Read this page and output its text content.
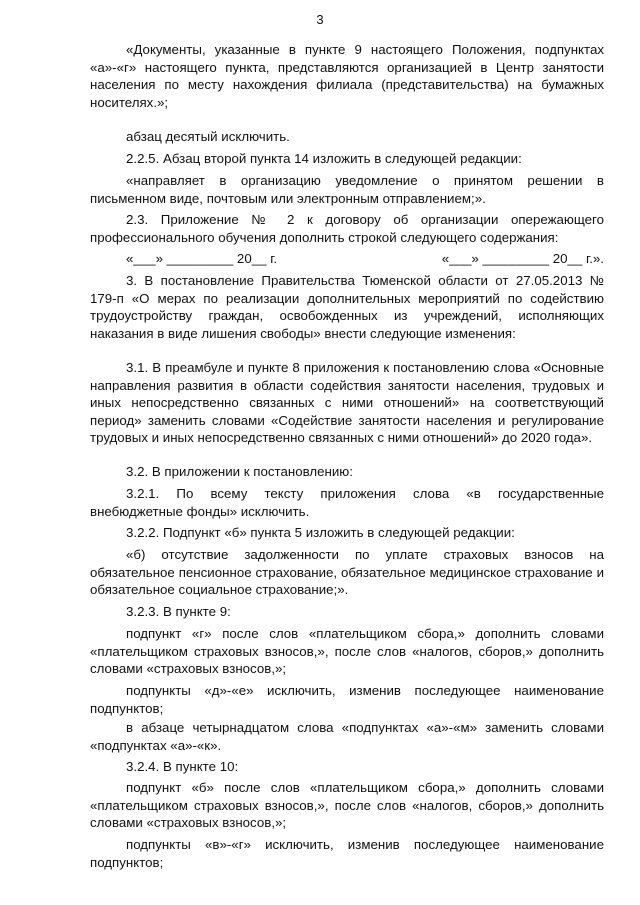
3

«Документы, указанные в пункте 9 настоящего Положения, подпунктах «а»-«г» настоящего пункта, представляются организацией в Центр занятости населения по месту нахождения филиала (представительства) на бумажных носителях.»;

абзац десятый исключить.

2.2.5. Абзац второй пункта 14 изложить в следующей редакции:

«направляет в организацию уведомление о принятом решении в письменном виде, почтовым или электронным отправлением;».

2.3. Приложение № 2 к договору об организации опережающего профессионального обучения дополнить строкой следующего содержания:

«___» _________ 20__ г.	«___» _________ 20__ г.».

3. В постановление Правительства Тюменской области от 27.05.2013 № 179-п «О мерах по реализации дополнительных мероприятий по содействию трудоустройству граждан, освобожденных из учреждений, исполняющих наказания в виде лишения свободы» внести следующие изменения:

3.1. В преамбуле и пункте 8 приложения к постановлению слова «Основные направления развития в области содействия занятости населения, трудовых и иных непосредственно связанных с ними отношений» на соответствующий период» заменить словами «Содействие занятости населения и регулирование трудовых и иных непосредственно связанных с ними отношений» до 2020 года».

3.2. В приложении к постановлению:

3.2.1. По всему тексту приложения слова «в государственные внебюджетные фонды» исключить.

3.2.2. Подпункт «б» пункта 5 изложить в следующей редакции:

«б) отсутствие задолженности по уплате страховых взносов на обязательное пенсионное страхование, обязательное медицинское страхование и обязательное социальное страхование;».

3.2.3. В пункте 9:

подпункт «г» после слов «плательщиком сбора,» дополнить словами «плательщиком страховых взносов,», после слов «налогов, сборов,» дополнить словами «страховых взносов,»;

подпункты «д»-«е» исключить, изменив последующее наименование подпунктов;

в абзаце четырнадцатом слова «подпунктах «а»-«м» заменить словами «подпунктах «а»-«к».

3.2.4. В пункте 10:

подпункт «б» после слов «плательщиком сбора,» дополнить словами «плательщиком страховых взносов,», после слов «налогов, сборов,» дополнить словами «страховых взносов,»;

подпункты «в»-«г» исключить, изменив последующее наименование подпунктов;
